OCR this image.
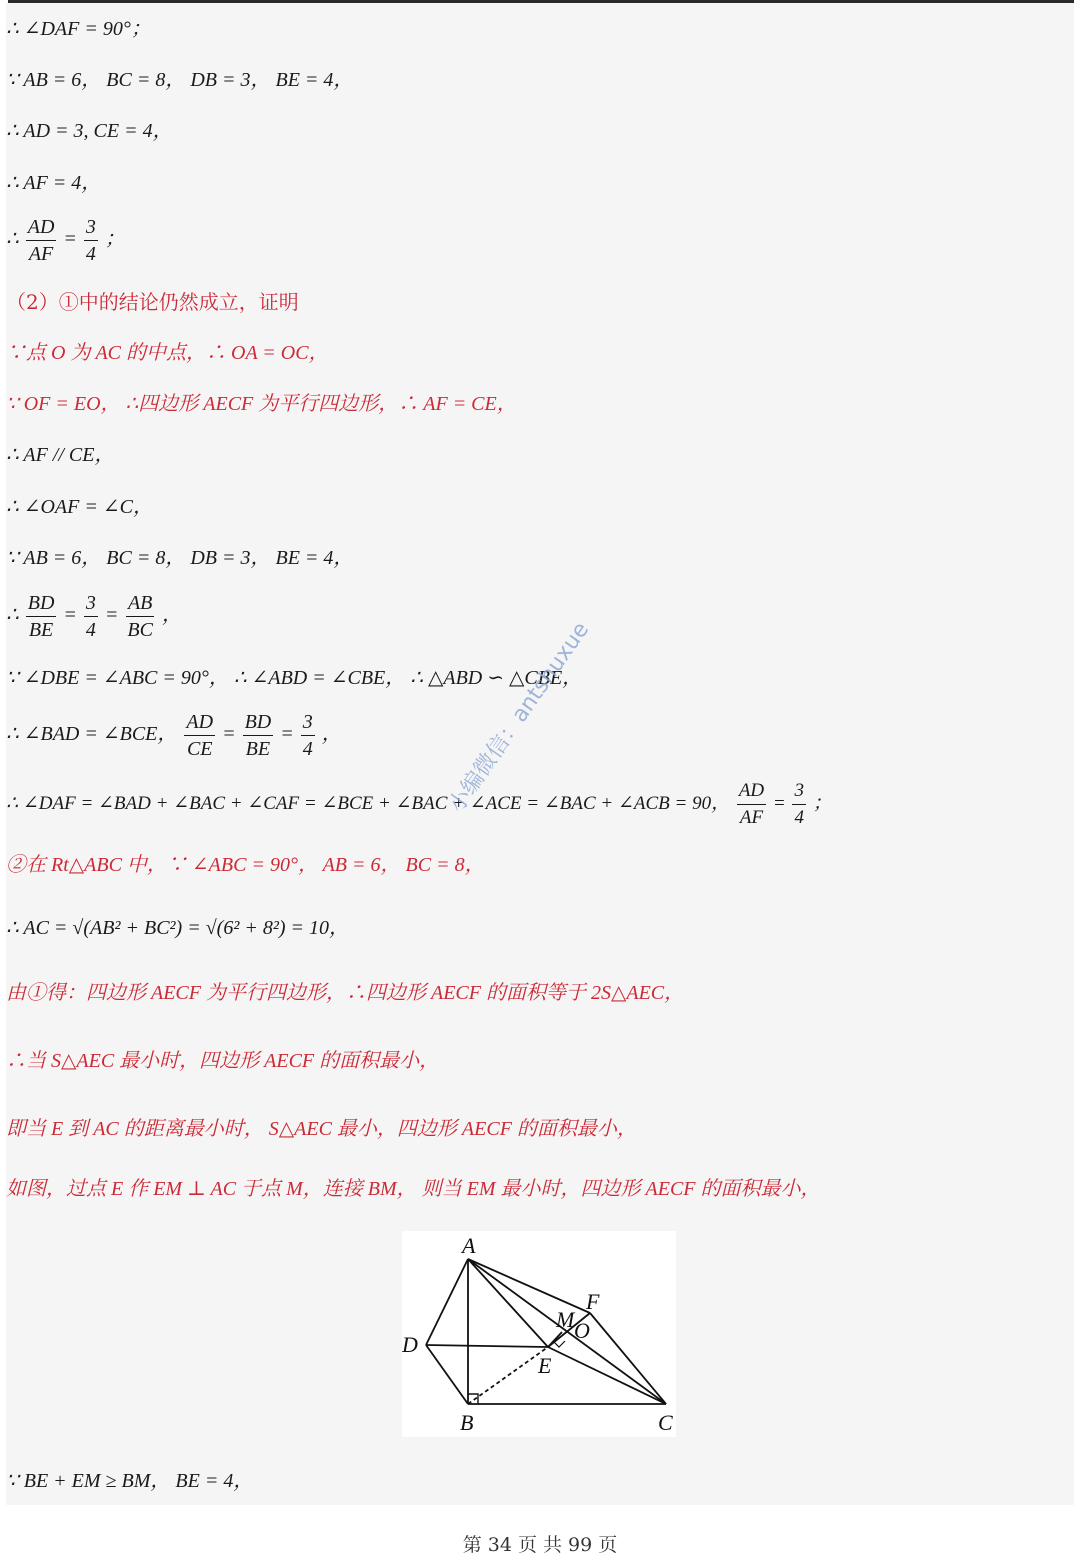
∴ ∠DAF = 90°；
∵ AB = 6， BC = 8， DB = 3， BE = 4，
∴ AD = 3, CE = 4，
∴ AF = 4，
∴ $\frac{AD}{AF} = \frac{3}{4}$ ；
（2）①中的结论仍然成立，证明
∵点 O 为 AC 的中点，∴ OA = OC，
∵ OF = EO， ∴四边形 AECF 为平行四边形，∴ AF = CE，
∴ AF // CE，
∴ ∠OAF = ∠C，
∵ AB = 6， BC = 8， DB = 3， BE = 4，
∴ $\frac{BD}{BE} = \frac{3}{4} = \frac{AB}{BC}$ ，
∵ ∠DBE = ∠ABC = 90°， ∴ ∠ABD = ∠CBE， ∴ △ABD ∽ △CBE，
∴ ∠BAD = ∠BCE， $\frac{AD}{CE} = \frac{BD}{BE} = \frac{3}{4}$ ，
∴ ∠DAF = ∠BAD + ∠BAC + ∠CAF = ∠BCE + ∠BAC + ∠ACE = ∠BAC + ∠ACB = 90， $\frac{AD}{AF} = \frac{3}{4}$ ；
②在 Rt△ABC 中，∵ ∠ABC = 90°， AB = 6， BC = 8，
∴ AC = √(AB² + BC²) = √(6² + 8²) = 10，
由①得：四边形 AECF 为平行四边形，∴四边形 AECF 的面积等于 2S△AEC，
∴当 S△AEC 最小时，四边形 AECF 的面积最小，
即当 E 到 AC 的距离最小时， S△AEC 最小，四边形 AECF 的面积最小，
如图，过点 E 作 EM ⊥ AC 于点 M，连接 BM， 则当 EM 最小时，四边形 AECF 的面积最小，
小编微信：antshuxue
A
B	C
D
E
F
M O
∵ BE + EM ≥ BM， BE = 4，
第 34 页 共 99 页
